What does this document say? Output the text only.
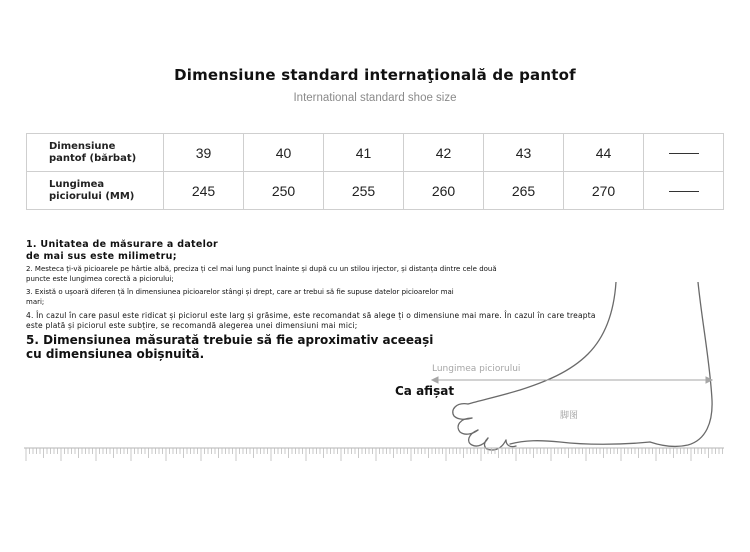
Dimensiune standard internaţională de pantof
International standard shoe size
Dimensiune
pantof (bărbat)	39	40	41	42	43	44	

Lungimea
piciorului (MM)	245	250	255	260	265	270	
脚图
Lungimea piciorului
Ca afișat
1. Unitatea de măsurare a datelor
de mai sus este milimetru;
2. Mesteca ți-vă picioarele pe hârtie albă, preciza ți cel mai lung punct înainte și după cu un stilou irjector, și distanța dintre cele două
puncte este lungimea corectă a piciorului;
3. Există o ușoară diferen ță în dimensiunea picioarelor stângi și drept, care ar trebui să fie supuse datelor picioarelor mai
mari;
4. În cazul în care pasul este ridicat și piciorul este larg și grăsime, este recomandat să alege ți o dimensiune mai mare. În cazul în care treapta
este plată și piciorul este subțire, se recomandă alegerea unei dimensiuni mai mici;
5. Dimensiunea măsurată trebuie să fie aproximativ aceeași
cu dimensiunea obișnuită.
